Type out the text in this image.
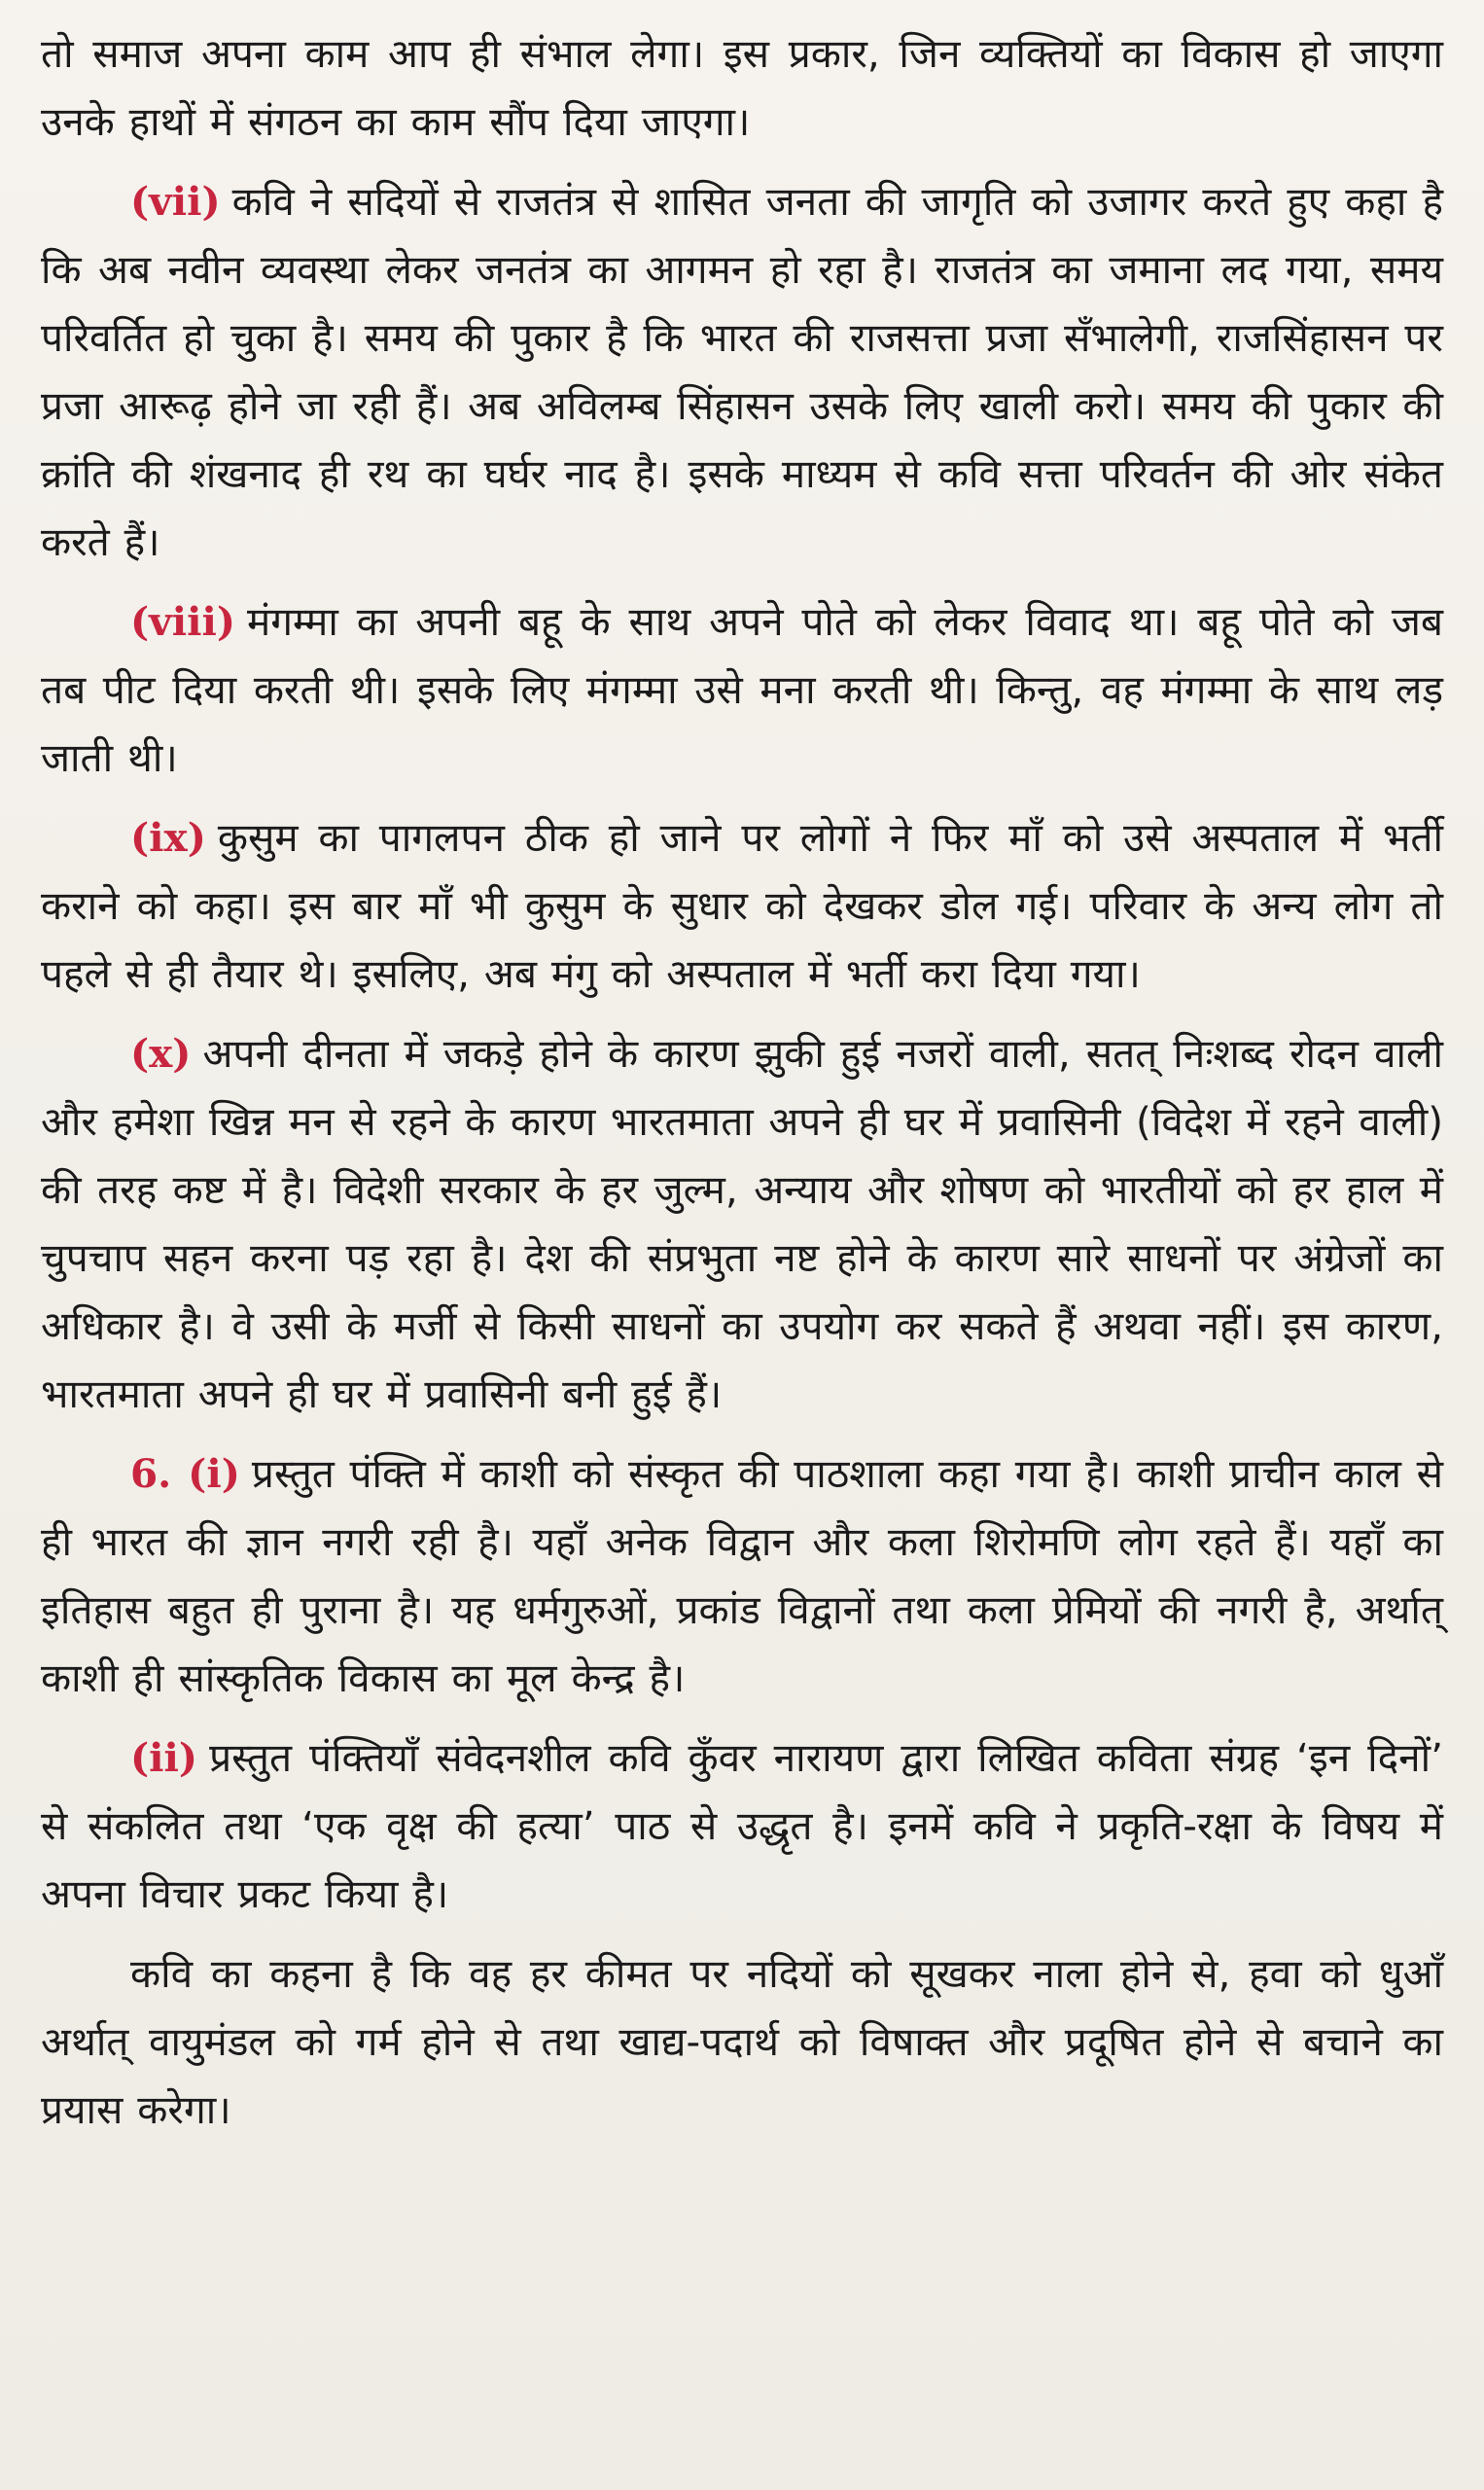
तो समाज अपना काम आप ही संभाल लेगा। इस प्रकार, जिन व्यक्तियों का विकास हो जाएगा उनके हाथों में संगठन का काम सौंप दिया जाएगा।

(vii) कवि ने सदियों से राजतंत्र से शासित जनता की जागृति को उजागर करते हुए कहा है कि अब नवीन व्यवस्था लेकर जनतंत्र का आगमन हो रहा है। राजतंत्र का जमाना लद गया, समय परिवर्तित हो चुका है। समय की पुकार है कि भारत की राजसत्ता प्रजा सँभालेगी, राजसिंहासन पर प्रजा आरूढ़ होने जा रही हैं। अब अविलम्ब सिंहासन उसके लिए खाली करो। समय की पुकार की क्रांति की शंखनाद ही रथ का घर्घर नाद है। इसके माध्यम से कवि सत्ता परिवर्तन की ओर संकेत करते हैं।

(viii) मंगम्मा का अपनी बहू के साथ अपने पोते को लेकर विवाद था। बहू पोते को जब तब पीट दिया करती थी। इसके लिए मंगम्मा उसे मना करती थी। किन्तु, वह मंगम्मा के साथ लड़ जाती थी।

(ix) कुसुम का पागलपन ठीक हो जाने पर लोगों ने फिर माँ को उसे अस्पताल में भर्ती कराने को कहा। इस बार माँ भी कुसुम के सुधार को देखकर डोल गई। परिवार के अन्य लोग तो पहले से ही तैयार थे। इसलिए, अब मंगु को अस्पताल में भर्ती करा दिया गया।

(x) अपनी दीनता में जकड़े होने के कारण झुकी हुई नजरों वाली, सतत् निःशब्द रोदन वाली और हमेशा खिन्न मन से रहने के कारण भारतमाता अपने ही घर में प्रवासिनी (विदेश में रहने वाली) की तरह कष्ट में है। विदेशी सरकार के हर जुल्म, अन्याय और शोषण को भारतीयों को हर हाल में चुपचाप सहन करना पड़ रहा है। देश की संप्रभुता नष्ट होने के कारण सारे साधनों पर अंग्रेजों का अधिकार है। वे उसी के मर्जी से किसी साधनों का उपयोग कर सकते हैं अथवा नहीं। इस कारण, भारतमाता अपने ही घर में प्रवासिनी बनी हुई हैं।

6. (i) प्रस्तुत पंक्ति में काशी को संस्कृत की पाठशाला कहा गया है। काशी प्राचीन काल से ही भारत की ज्ञान नगरी रही है। यहाँ अनेक विद्वान और कला शिरोमणि लोग रहते हैं। यहाँ का इतिहास बहुत ही पुराना है। यह धर्मगुरुओं, प्रकांड विद्वानों तथा कला प्रेमियों की नगरी है, अर्थात् काशी ही सांस्कृतिक विकास का मूल केन्द्र है।

(ii) प्रस्तुत पंक्तियाँ संवेदनशील कवि कुँवर नारायण द्वारा लिखित कविता संग्रह ‘इन दिनों’ से संकलित तथा ‘एक वृक्ष की हत्या’ पाठ से उद्धृत है। इनमें कवि ने प्रकृति-रक्षा के विषय में अपना विचार प्रकट किया है।

कवि का कहना है कि वह हर कीमत पर नदियों को सूखकर नाला होने से, हवा को धुआँ अर्थात् वायुमंडल को गर्म होने से तथा खाद्य-पदार्थ को विषाक्त और प्रदूषित होने से बचाने का प्रयास करेगा।
